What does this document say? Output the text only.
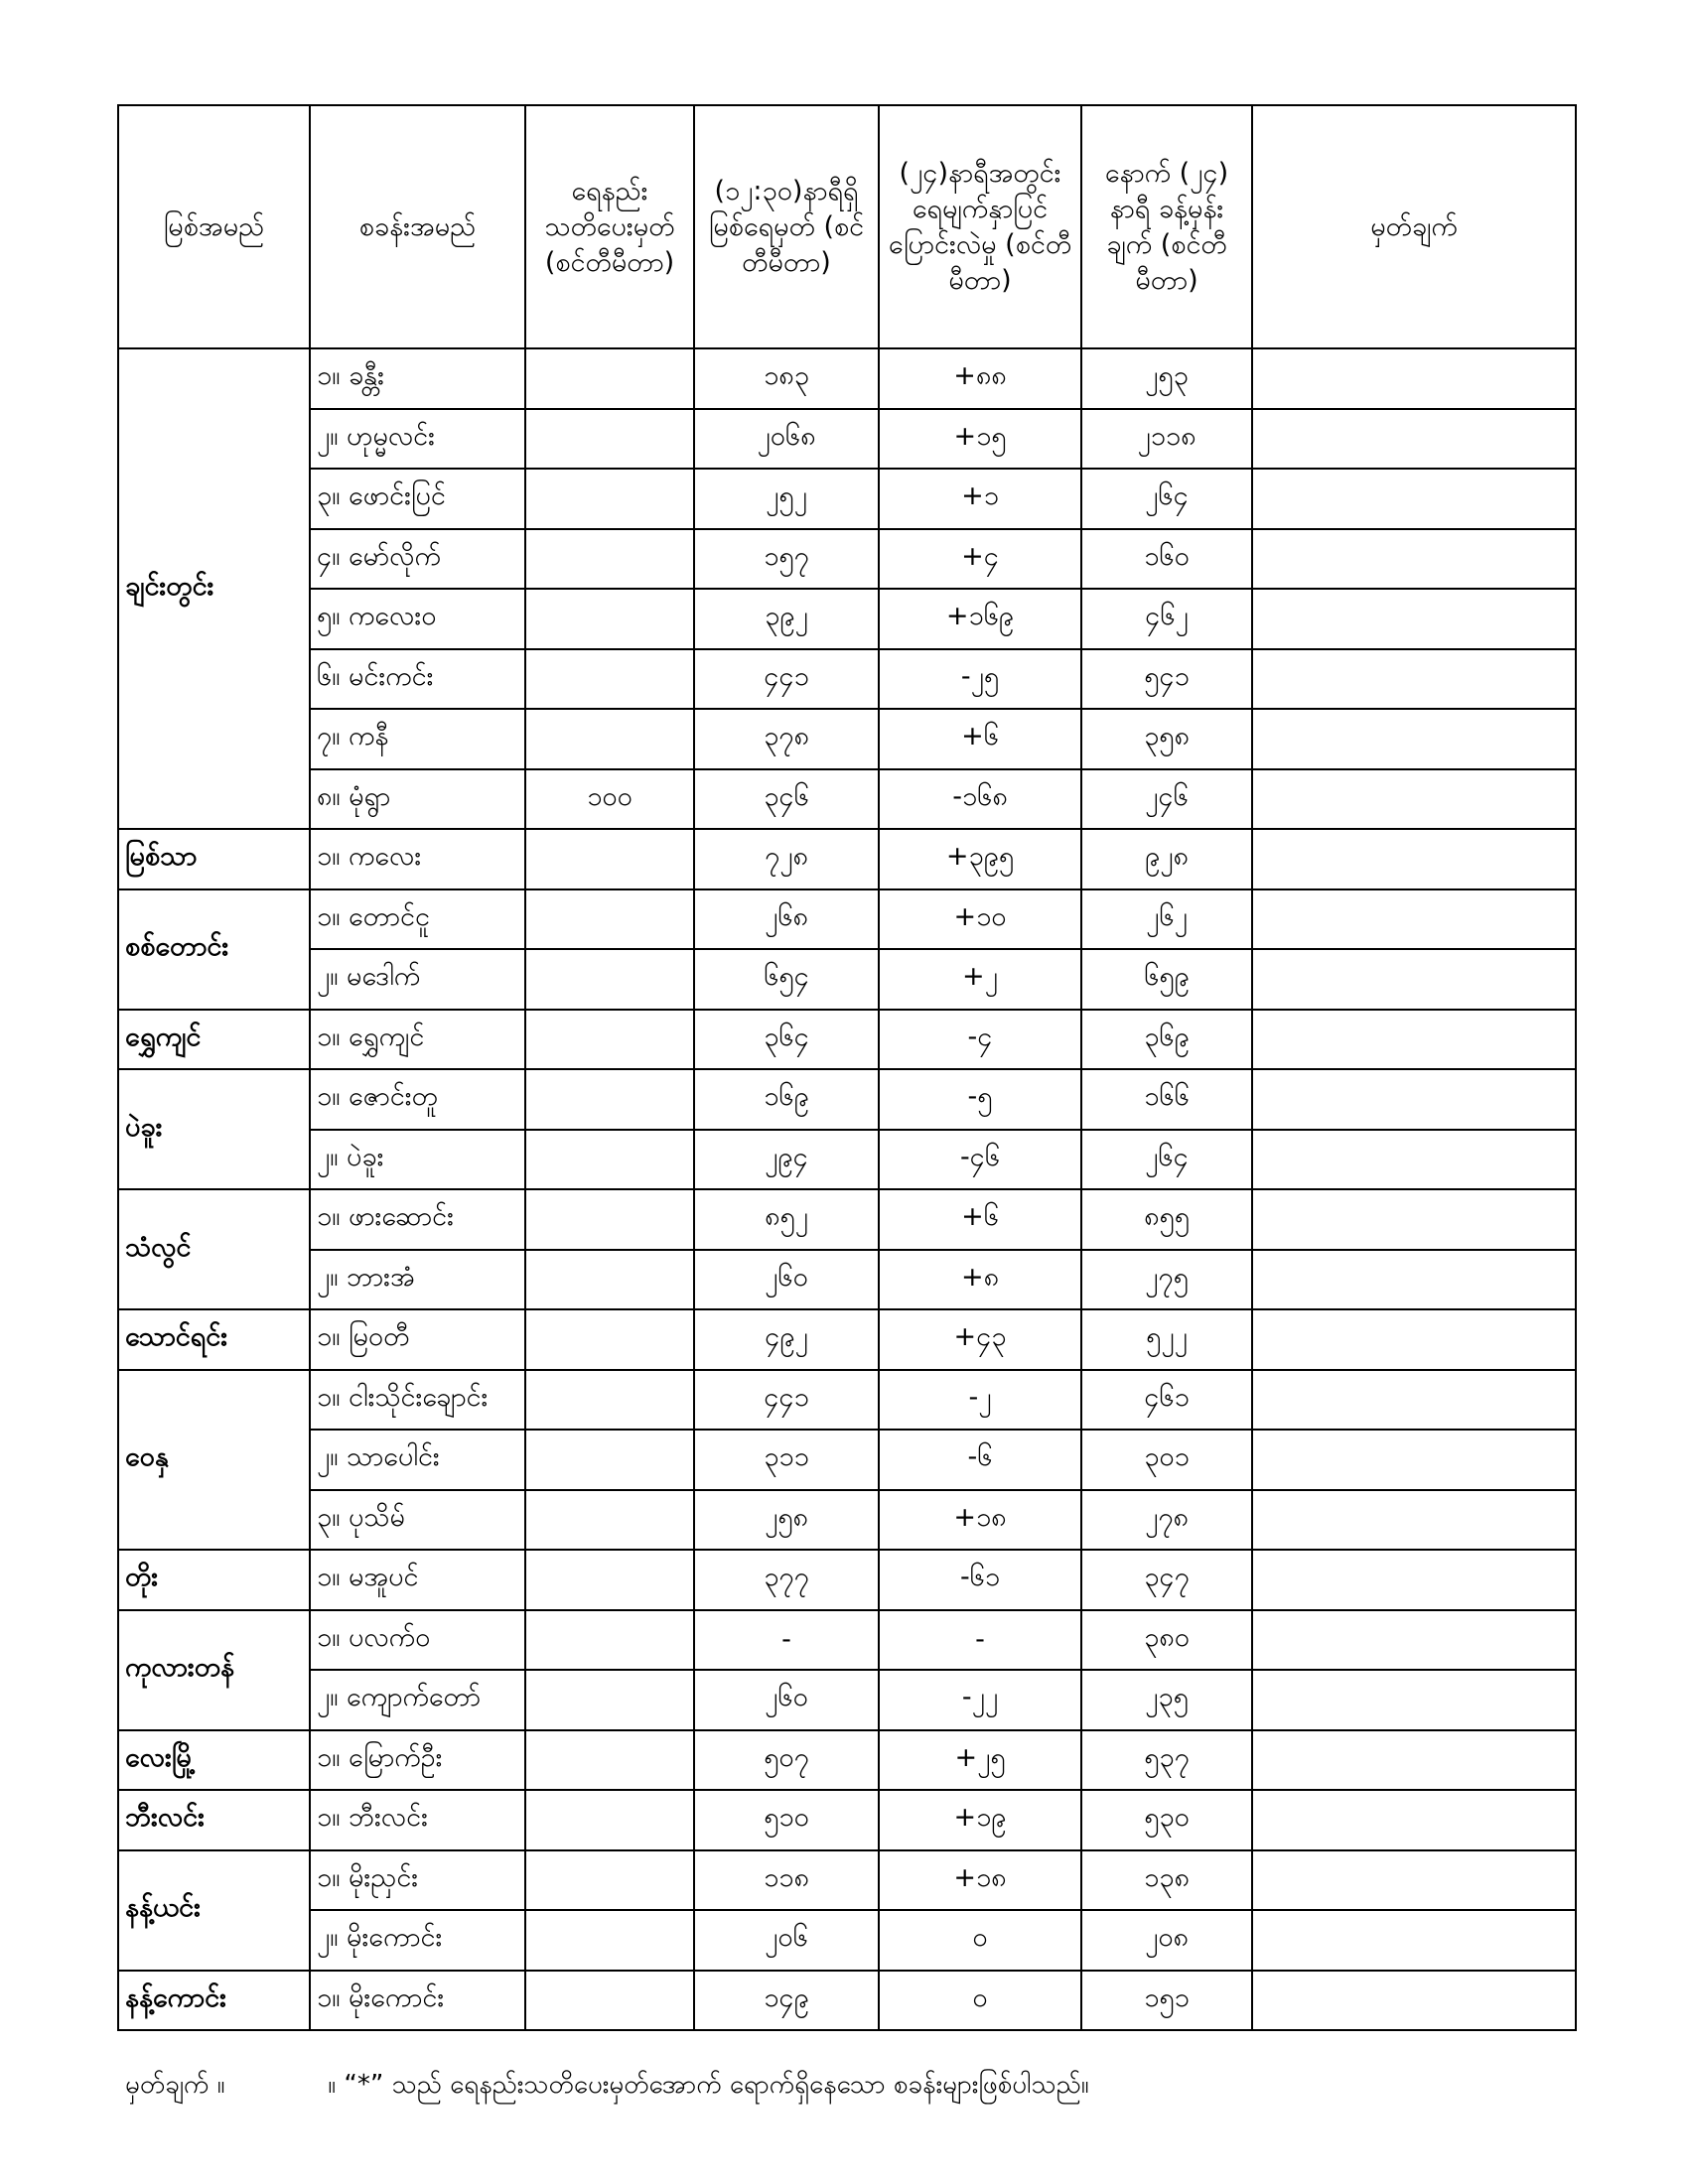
မြစ်အမည်	စခန်းအမည်	ရေနည်း သတိပေးမှတ် (စင်တီမီတာ)	(၁၂:၃၀)နာရီရှိ မြစ်ရေမှတ် (စင်တီမီတာ)	(၂၄)နာရီအတွင်း ရေမျက်နှာပြင် ပြောင်းလဲမှု (စင်တီမီတာ)	နောက် (၂၄) နာရီ ခန့်မှန်းချက် (စင်တီမီတာ)	မှတ်ချက်
ချင်းတွင်း	၁။ ခန္တီး		၁၈၃	+၈၈	၂၅၃	
	၂။ ဟုမ္မလင်း		၂၀၆၈	+၁၅	၂၁၁၈	
	၃။ ဖောင်းပြင်		၂၅၂	+၁	၂၆၄	
	၄။ မော်လိုက်		၁၅၇	+၄	၁၆၀	
	၅။ ကလေးဝ		၃၉၂	+၁၆၉	၄၆၂	
	၆။ မင်းကင်း		၄၄၁	-၂၅	၅၄၁	
	၇။ ကနီ		၃၇၈	+၆	၃၅၈	
	၈။ မုံရွာ	၁၀၀	၃၄၆	-၁၆၈	၂၄၆	
မြစ်သာ	၁။ ကလေး		၇၂၈	+၃၉၅	၉၂၈	
စစ်တောင်း	၁။ တောင်ငူ		၂၆၈	+၁၀	၂၆၂	
	၂။ မဒေါက်		၆၅၄	+၂	၆၅၉	
ရွှေကျင်	၁။ ရွှေကျင်		၃၆၄	-၄	၃၆၉	
ပဲခူး	၁။ ဇောင်းတူ		၁၆၉	-၅	၁၆၆	
	၂။ ပဲခူး		၂၉၄	-၄၆	၂၆၄	
သံလွင်	၁။ ဖားဆောင်း		၈၅၂	+၆	၈၅၅	
	၂။ ဘားအံ		၂၆၀	+၈	၂၇၅	
သောင်ရင်း	၁။ မြဝတီ		၄၉၂	+၄၃	၅၂၂	
ဝေနှ	၁။ ငါးသိုင်းချောင်း		၄၄၁	-၂	၄၆၁	
	၂။ သာပေါင်း		၃၁၁	-၆	၃၀၁	
	၃။ ပုသိမ်		၂၅၈	+၁၈	၂၇၈	
တိုး	၁။ မအူပင်		၃၇၇	-၆၁	၃၄၇	
ကုလားတန်	၁။ ပလက်ဝ		-	-	၃၈၀	
	၂။ ကျောက်တော်		၂၆၀	-၂၂	၂၃၅	
လေးမြို့	၁။ မြောက်ဦး		၅၀၇	+၂၅	၅၃၇	
ဘီးလင်း	၁။ ဘီးလင်း		၅၁၀	+၁၉	၅၃၀	
နန့်ယင်း	၁။ မိုးညှင်း		၁၁၈	+၁၈	၁၃၈	
	၂။ မိုးကောင်း		၂၀၆	၀	၂၀၈	
နန့်ကောင်း	၁။ မိုးကောင်း		၁၄၉	၀	၁၅၁	
မှတ်ချက် ။	။ “*” သည် ရေနည်းသတိပေးမှတ်အောက် ရောက်ရှိနေသော စခန်းများဖြစ်ပါသည်။
